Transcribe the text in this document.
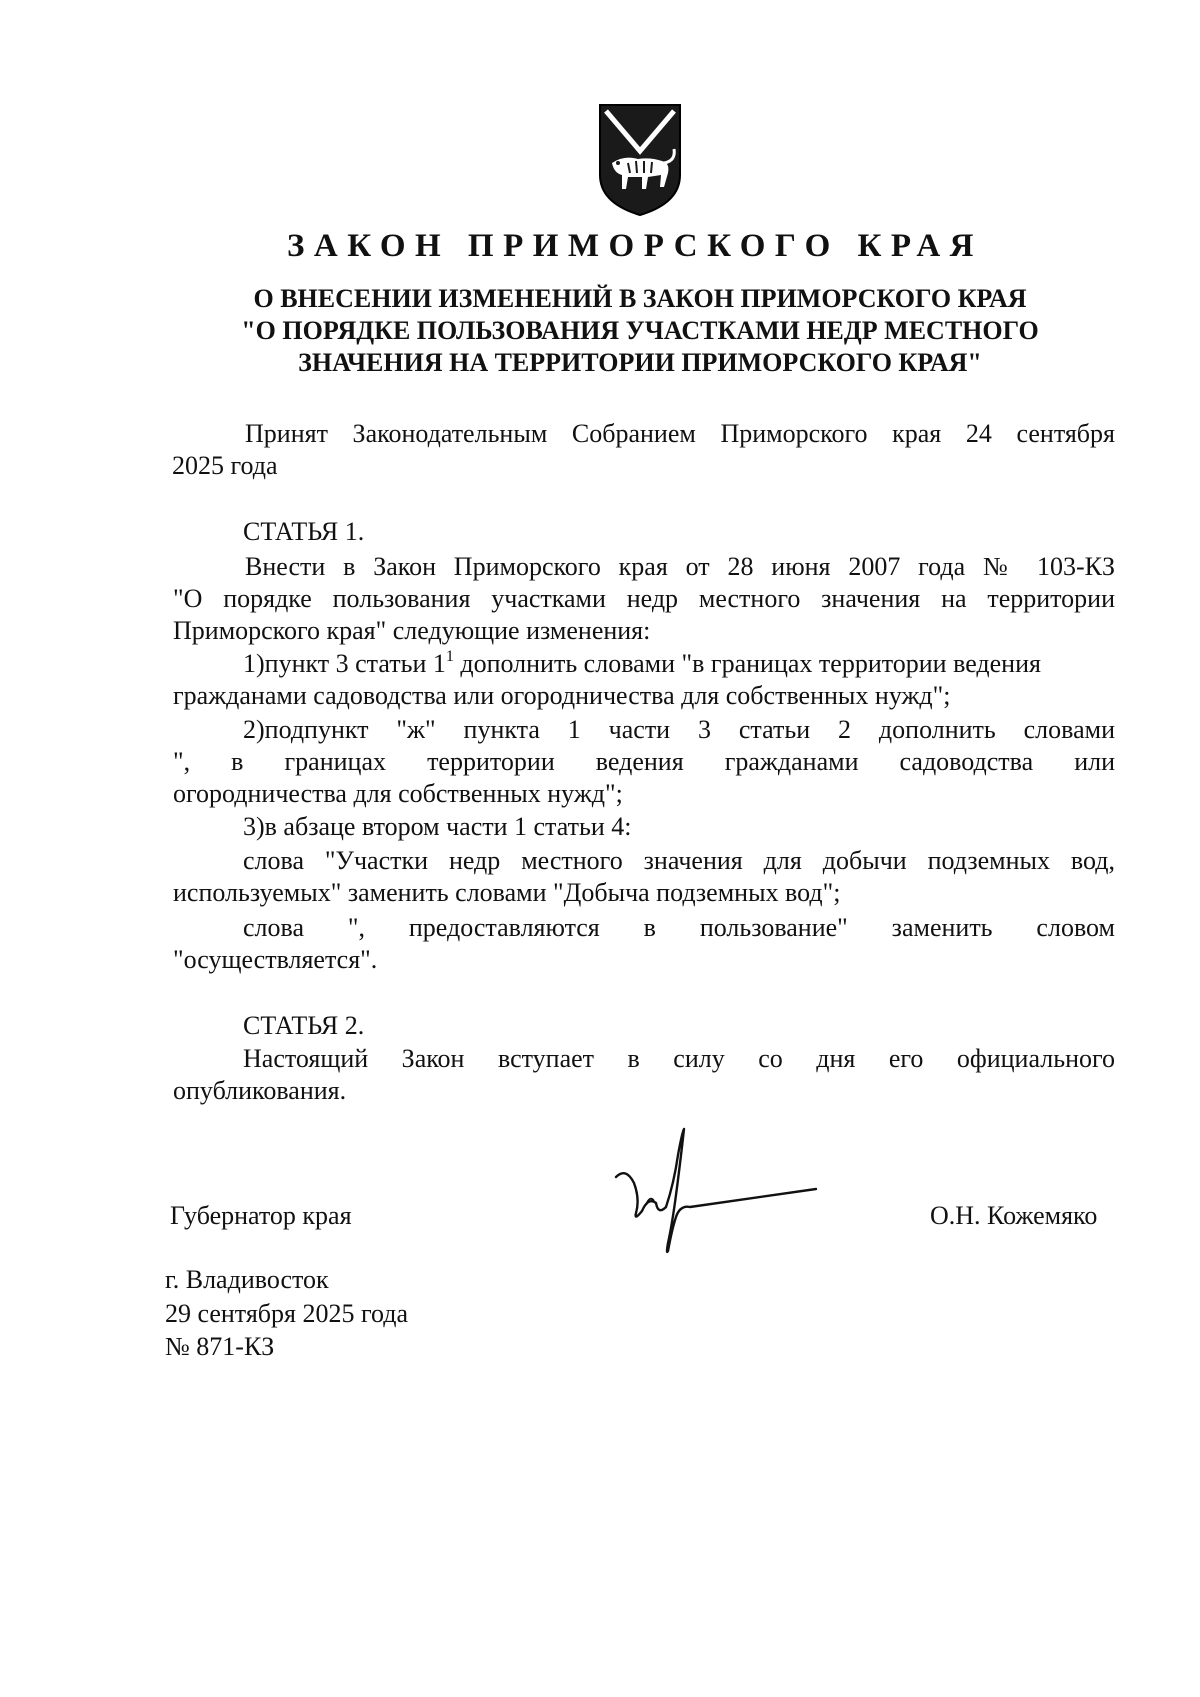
ЗАКОН ПРИМОРСКОГО КРАЯ
О ВНЕСЕНИИ ИЗМЕНЕНИЙ В ЗАКОН ПРИМОРСКОГО КРАЯ
"О ПОРЯДКЕ ПОЛЬЗОВАНИЯ УЧАСТКАМИ НЕДР МЕСТНОГО
ЗНАЧЕНИЯ НА ТЕРРИТОРИИ ПРИМОРСКОГО КРАЯ"
Принят Законодательным Собранием Приморского края 24 сентября
2025 года
СТАТЬЯ 1.
Внести в Закон Приморского края от 28 июня 2007 года № 103-КЗ
"О порядке пользования участками недр местного значения на территории
Приморского края" следующие изменения:
1)пункт 3 статьи $1^1$ дополнить словами "в границах территории ведения
гражданами садоводства или огородничества для собственных нужд";
2)подпункт "ж" пункта 1 части 3 статьи 2 дополнить словами
", в границах территории ведения гражданами садоводства или
огородничества для собственных нужд";
3)в абзаце втором части 1 статьи 4:
слова "Участки недр местного значения для добычи подземных вод,
используемых" заменить словами "Добыча подземных вод";
слова ", предоставляются в пользование" заменить словом
"осуществляется".
СТАТЬЯ 2.
Настоящий Закон вступает в силу со дня его официального
опубликования.
Губернатор края	О.Н. Кожемяко
г. Владивосток
29 сентября 2025 года
№ 871-КЗ
